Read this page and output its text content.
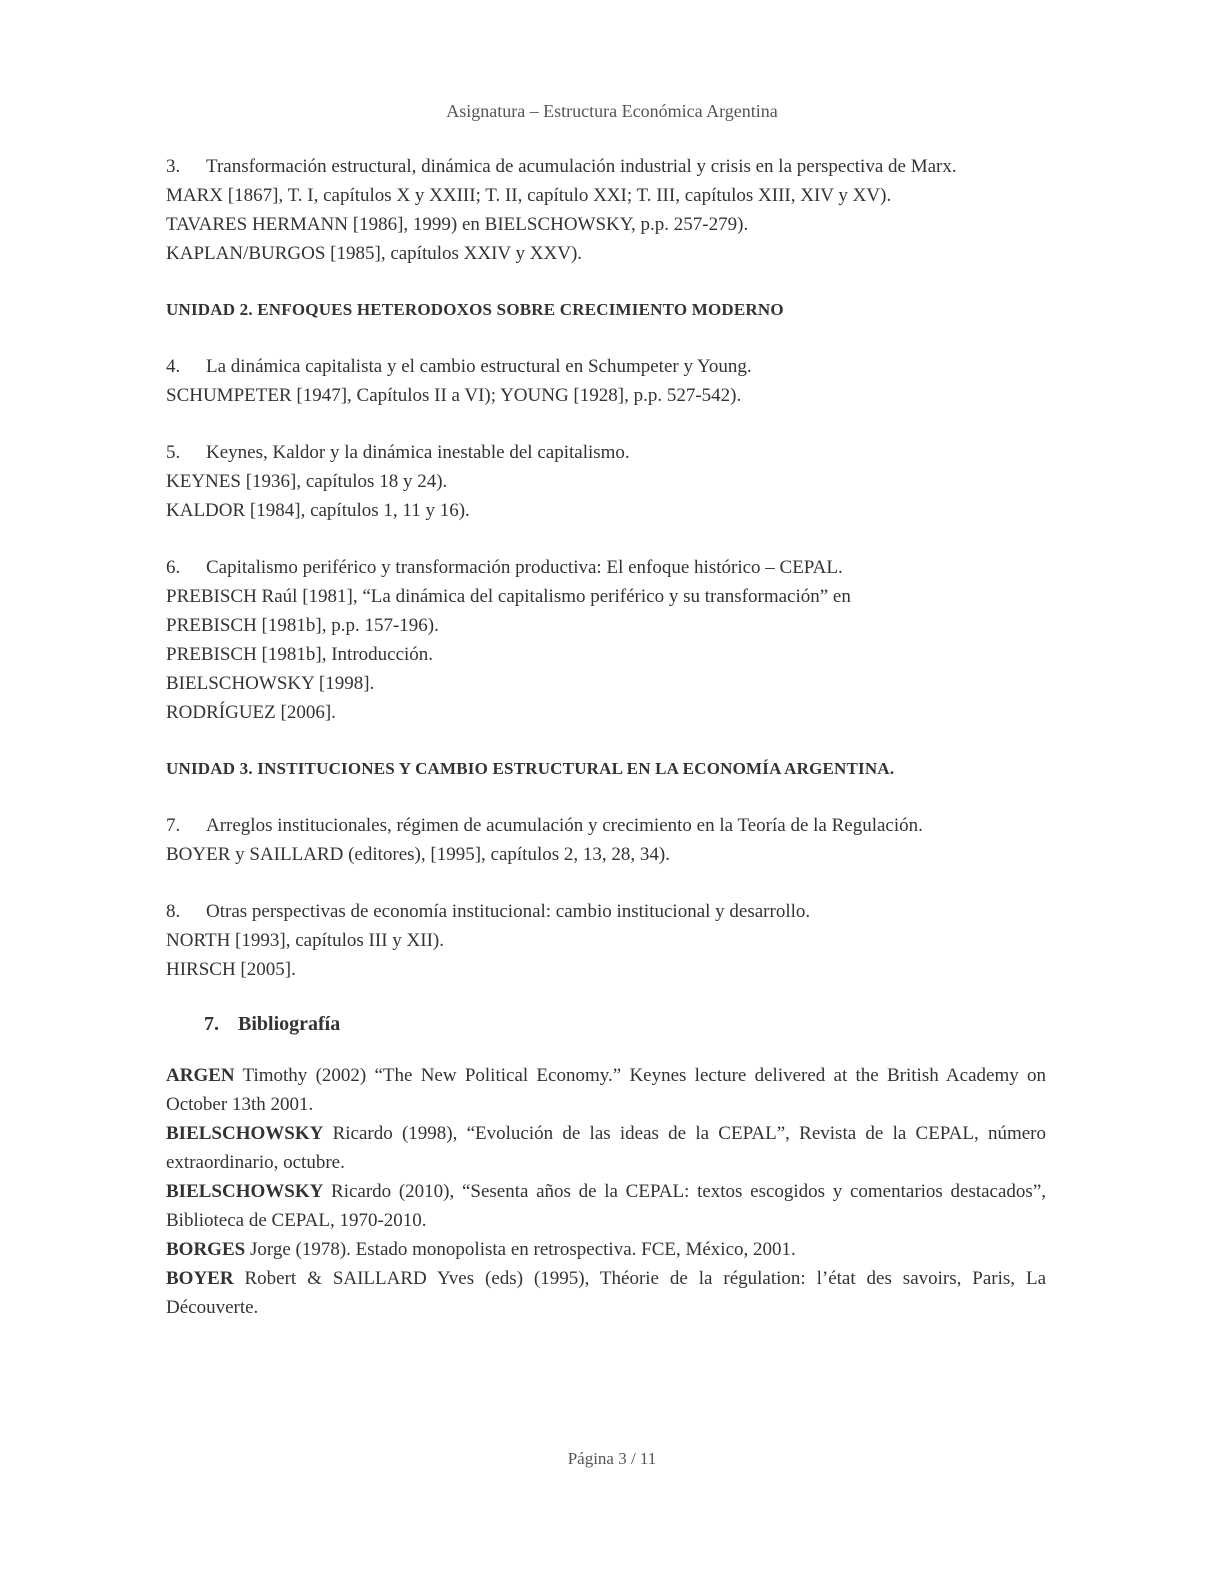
Asignatura – Estructura Económica Argentina
3.	Transformación estructural, dinámica de acumulación industrial y crisis en la perspectiva de Marx.

MARX [1867], T. I, capítulos X y XXIII; T. II, capítulo XXI; T. III, capítulos XIII, XIV y XV).

TAVARES HERMANN [1986], 1999) en BIELSCHOWSKY, p.p. 257-279).

KAPLAN/BURGOS [1985], capítulos XXIV y XXV).

UNIDAD 2. ENFOQUES HETERODOXOS SOBRE CRECIMIENTO MODERNO
4.	La dinámica capitalista y el cambio estructural en Schumpeter y Young.

SCHUMPETER [1947], Capítulos II a VI); YOUNG [1928], p.p. 527-542).

5.	Keynes, Kaldor y la dinámica inestable del capitalismo.

KEYNES [1936], capítulos 18 y 24).

KALDOR [1984], capítulos 1, 11 y 16).

6.	Capitalismo periférico y transformación productiva: El enfoque histórico – CEPAL.

PREBISCH Raúl [1981], “La dinámica del capitalismo periférico y su transformación” en

PREBISCH [1981b], p.p. 157-196).

PREBISCH [1981b], Introducción.

BIELSCHOWSKY [1998].

RODRÍGUEZ [2006].

UNIDAD 3. INSTITUCIONES Y CAMBIO ESTRUCTURAL EN LA ECONOMÍA ARGENTINA.
7.	Arreglos institucionales, régimen de acumulación y crecimiento en la Teoría de la Regulación.

BOYER y SAILLARD (editores), [1995], capítulos 2, 13, 28, 34).

8.	Otras perspectivas de economía institucional: cambio institucional y desarrollo.

NORTH [1993], capítulos III y XII).

HIRSCH [2005].

7. Bibliografía

ARGEN Timothy (2002) “The New Political Economy.” Keynes lecture delivered at the British Academy on October 13th 2001.

BIELSCHOWSKY Ricardo (1998), “Evolución de las ideas de la CEPAL”, Revista de la CEPAL, número extraordinario, octubre.

BIELSCHOWSKY Ricardo (2010), “Sesenta años de la CEPAL: textos escogidos y comentarios destacados”, Biblioteca de CEPAL, 1970-2010.

BORGES Jorge (1978). Estado monopolista en retrospectiva. FCE, México, 2001.

BOYER Robert & SAILLARD Yves (eds) (1995), Théorie de la régulation: l’état des savoirs, Paris, La Découverte.

Página 3 / 11
